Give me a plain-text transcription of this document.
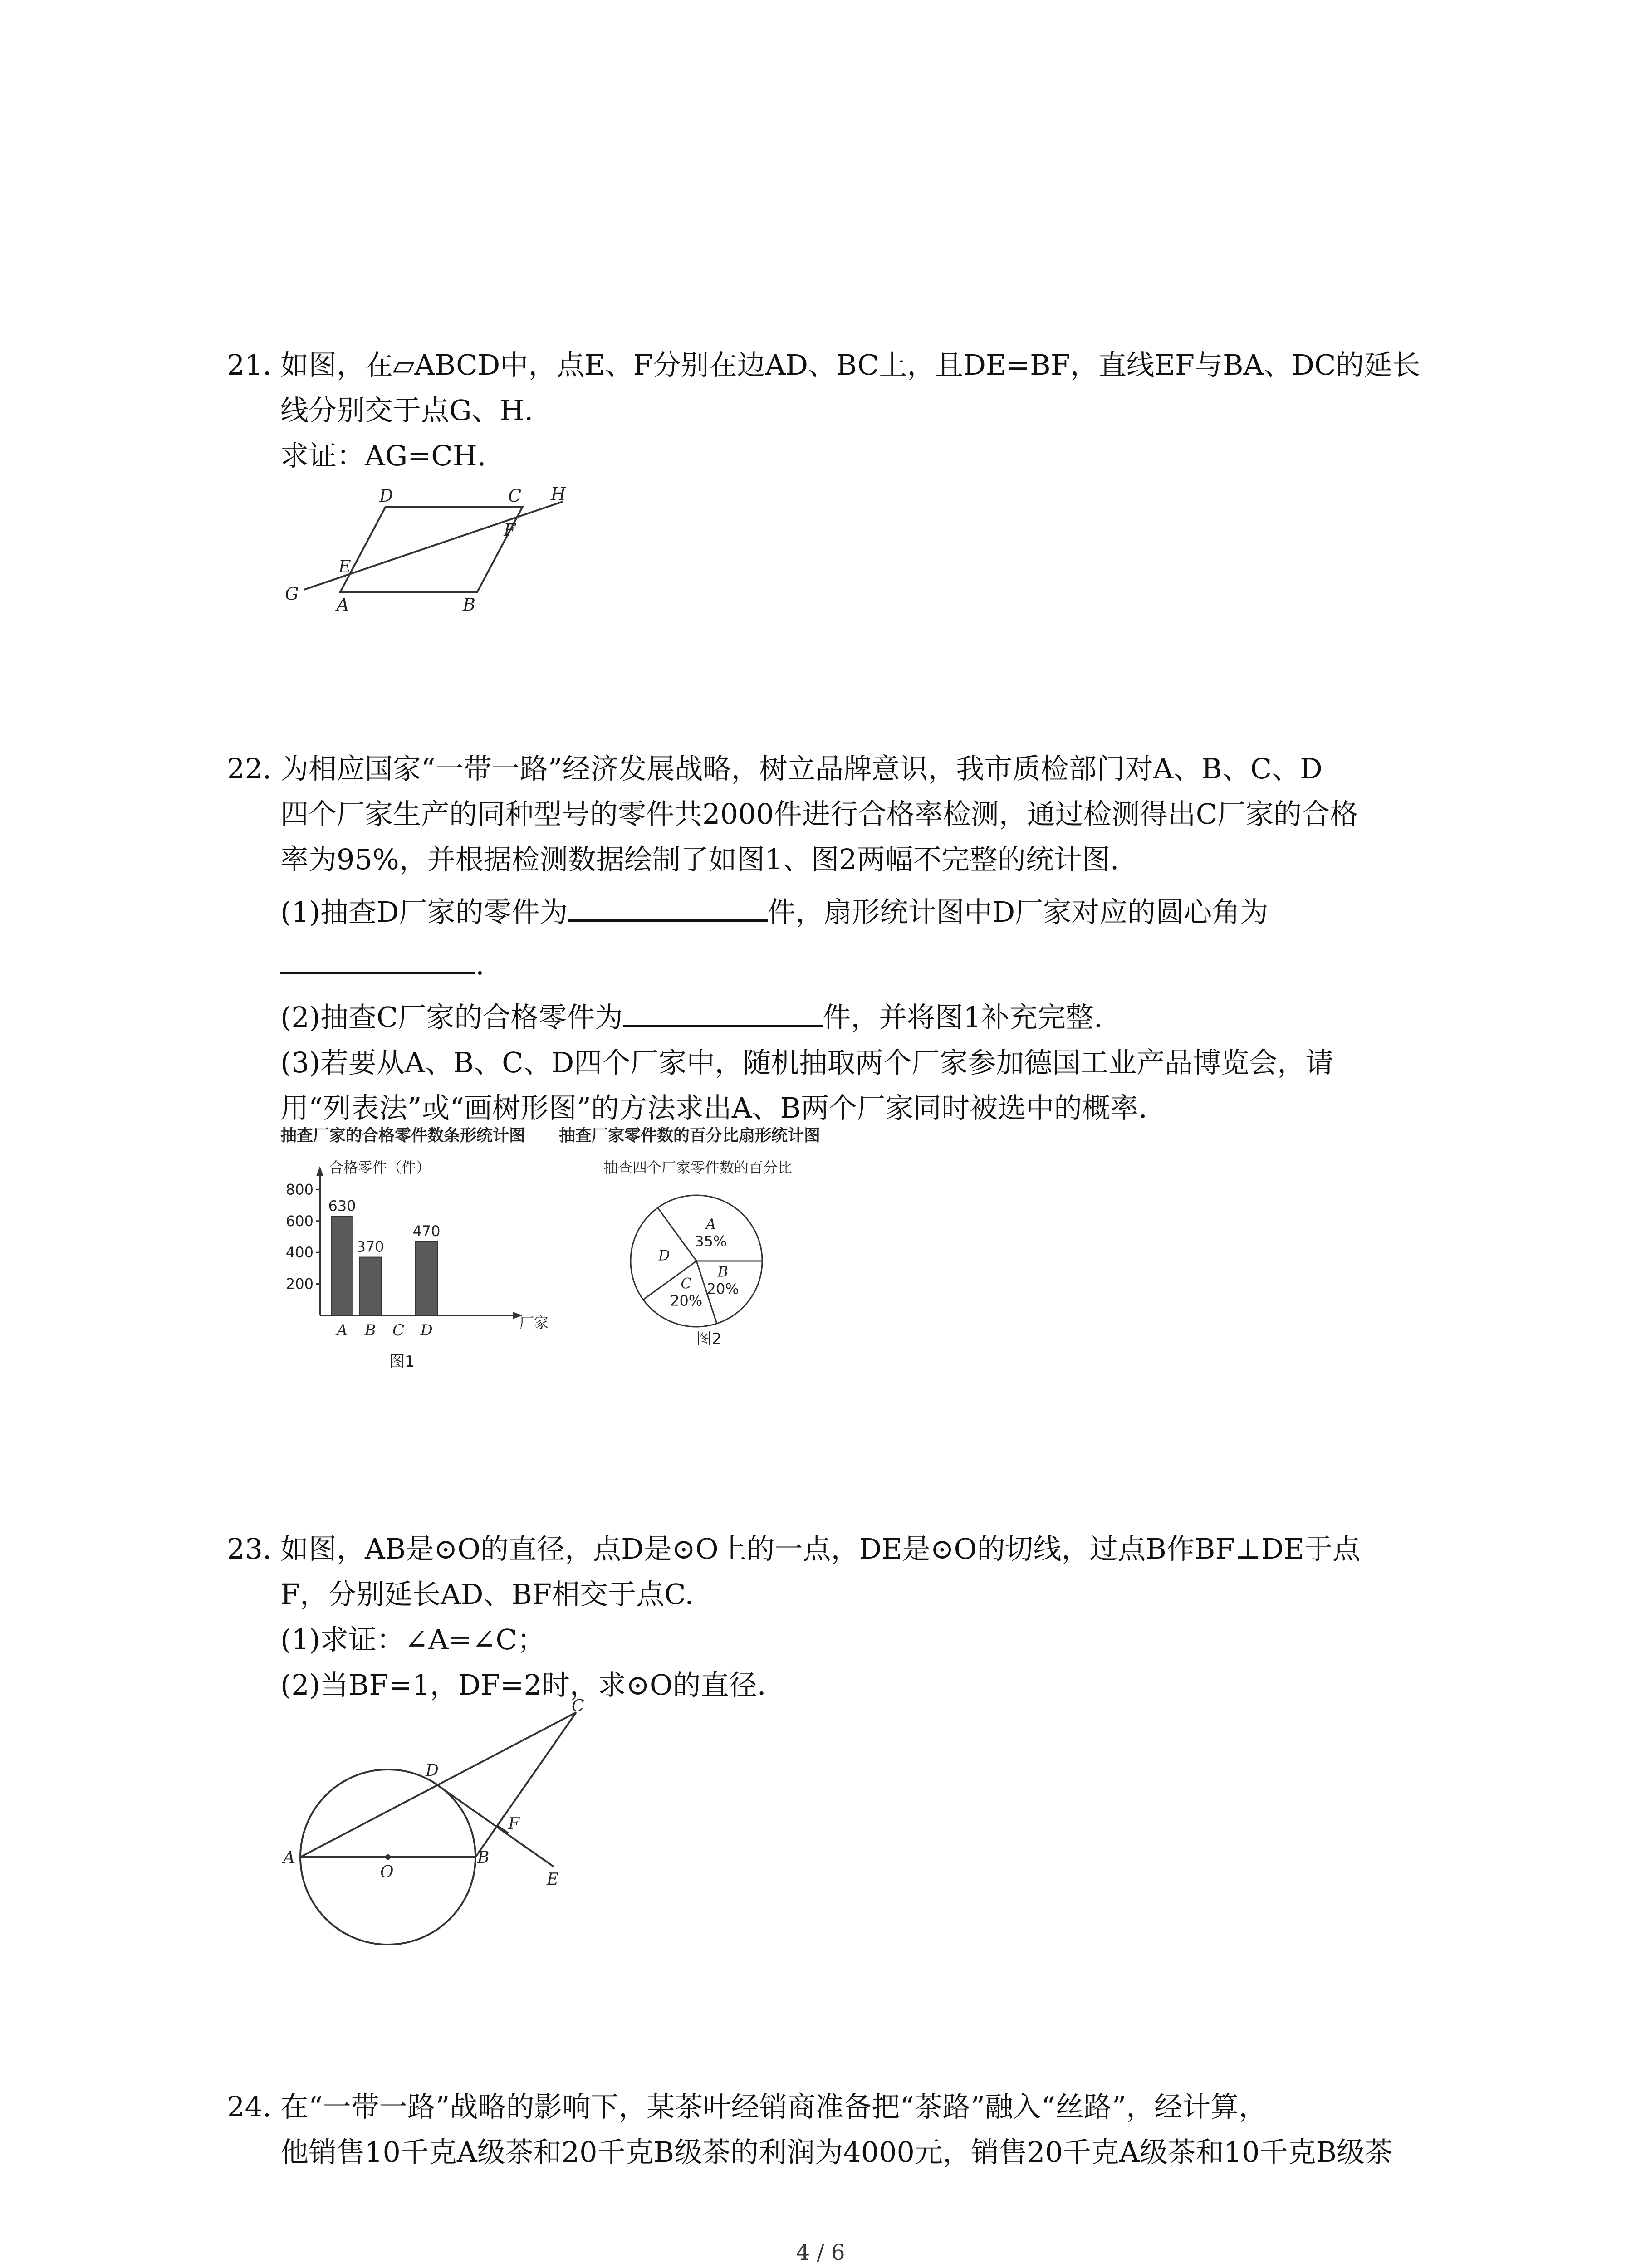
21. 如图，在▱ABCD中，点E、F分别在边AD、BC上，且DE=BF，直线EF与BA、DC的延长
线分别交于点G、H.
求证：AG=CH.
D	C H
F
E
G
A	B
22. 为相应国家“一带一路”经济发展战略，树立品牌意识，我市质检部门对A、B、C、D
四个厂家生产的同种型号的零件共2000件进行合格率检测，通过检测得出C厂家的合格
率为95%，并根据检测数据绘制了如图1、图2两幅不完整的统计图.
(1)抽查D厂家的零件为	件，扇形统计图中D厂家对应的圆心角为
.
(2)抽查C厂家的合格零件为	件，并将图1补充完整.
(3)若要从A、B、C、D四个厂家中，随机抽取两个厂家参加德国工业产品博览会，请
用“列表法”或“画树形图”的方法求出A、B两个厂家同时被选中的概率.
抽查厂家的合格零件数条形统计图 抽查厂家零件数的百分比扇形统计图
合格零件（件）
厂家
图1
200
400
600
800
630
A
370
B C
470
D
抽查四个厂家零件数的百分比
图2
A
35%
B
20%
C
20%
D
23. 如图，AB是⊙O的直径，点D是⊙O上的一点，DE是⊙O的切线，过点B作BF⊥DE于点
F，分别延长AD、BF相交于点C.
(1)求证：∠A=∠C；
(2)当BF=1，DF=2时，求⊙O的直径.
C
D
F
A
O
B
E
24. 在“一带一路”战略的影响下，某茶叶经销商准备把“茶路”融入“丝路”，经计算，
他销售10千克A级茶和20千克B级茶的利润为4000元，销售20千克A级茶和10千克B级茶
4 / 6
